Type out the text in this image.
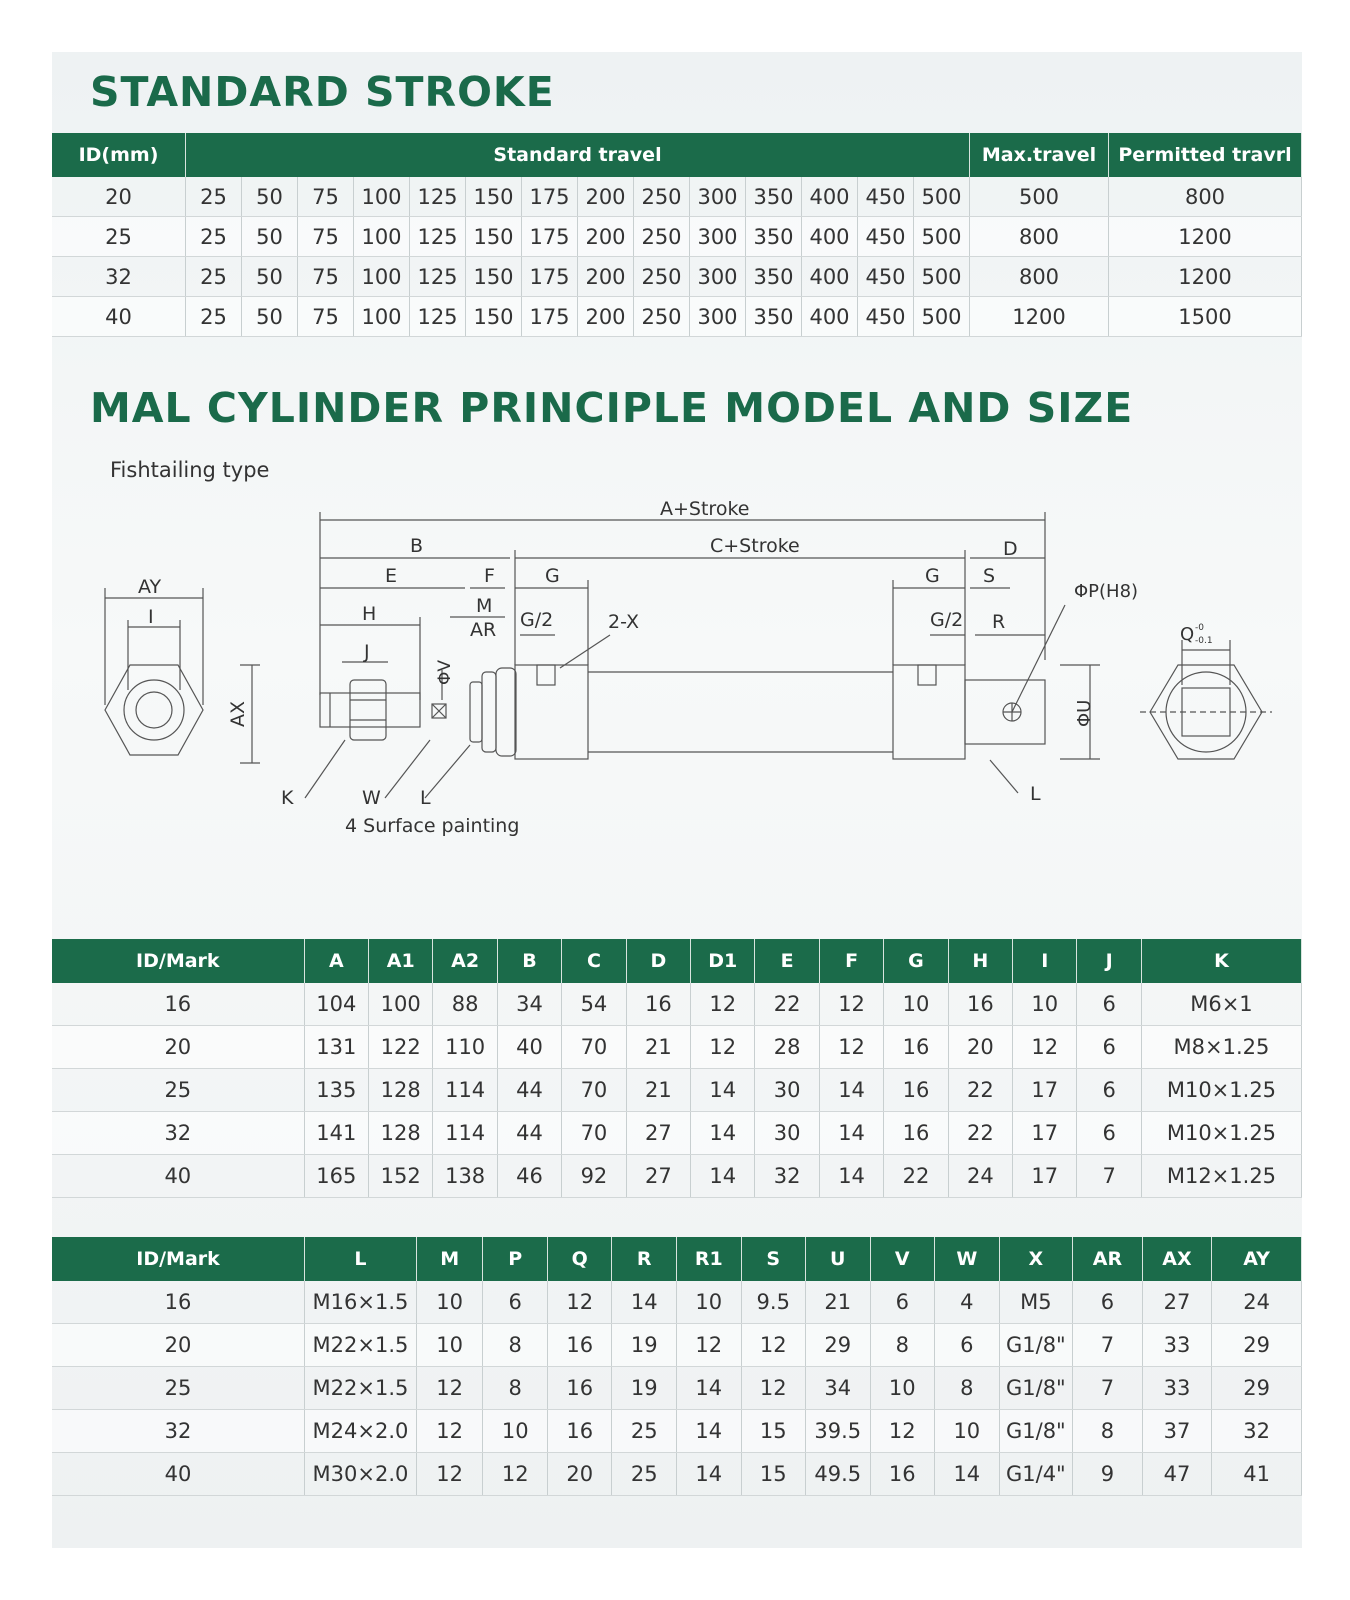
STANDARD STROKE
ID(mm)	Standard travel														Max.travel	Permitted travrl
20	25	50	75	100	125	150	175	200	250	300	350	400	450	500	500	800
25	25	50	75	100	125	150	175	200	250	300	350	400	450	500	800	1200
32	25	50	75	100	125	150	175	200	250	300	350	400	450	500	800	1200
40	25	50	75	100	125	150	175	200	250	300	350	400	450	500	1200	1500
MAL CYLINDER PRINCIPLE MODEL AND SIZE
Fishtailing type
A+Stroke
C+Stroke
B	D
E	F	G	G S
H	M
AR G/2	2-X	G/2 R
ΦP(H8)
J
ΦV
ΦU
K	W L	L
4 Surface painting
AY
I
AX
Q -0
-0.1
ID/Mark	A	A1	A2	B	C	D	D1	E	F	G	H	I	J	K
16	104	100	88	34	54	16	12	22	12	10	16	10	6	M6×1
20	131	122	110	40	70	21	12	28	12	16	20	12	6	M8×1.25
25	135	128	114	44	70	21	14	30	14	16	22	17	6	M10×1.25
32	141	128	114	44	70	27	14	30	14	16	22	17	6	M10×1.25
40	165	152	138	46	92	27	14	32	14	22	24	17	7	M12×1.25
ID/Mark	L	M	P	Q	R	R1	S	U	V	W	X	AR	AX	AY
16	M16×1.5	10	6	12	14	10	9.5	21	6	4	M5	6	27	24
20	M22×1.5	10	8	16	19	12	12	29	8	6	G1/8"	7	33	29
25	M22×1.5	12	8	16	19	14	12	34	10	8	G1/8"	7	33	29
32	M24×2.0	12	10	16	25	14	15	39.5	12	10	G1/8"	8	37	32
40	M30×2.0	12	12	20	25	14	15	49.5	16	14	G1/4"	9	47	41
